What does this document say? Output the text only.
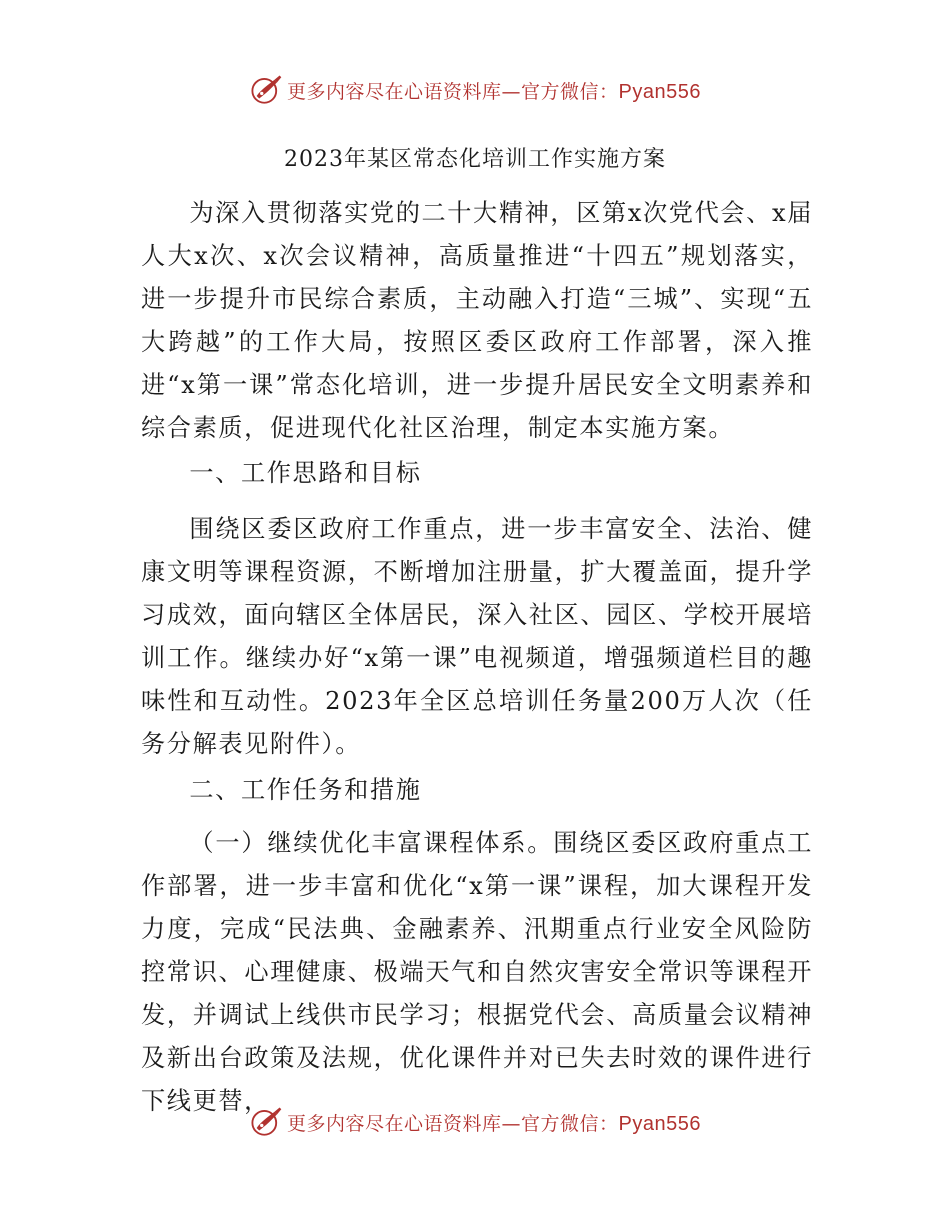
更多内容尽在心语资料库—官方微信：Pyan556
2023年某区常态化培训工作实施方案

为深入贯彻落实党的二十大精神，区第x次党代会、x届人大x次、x次会议精神，高质量推进“十四五”规划落实，进一步提升市民综合素质，主动融入打造“三城”、实现“五大跨越”的工作大局，按照区委区政府工作部署，深入推进“x第一课”常态化培训，进一步提升居民安全文明素养和综合素质，促进现代化社区治理，制定本实施方案。

一、工作思路和目标

围绕区委区政府工作重点，进一步丰富安全、法治、健康文明等课程资源，不断增加注册量，扩大覆盖面，提升学习成效，面向辖区全体居民，深入社区、园区、学校开展培训工作。继续办好“x第一课”电视频道，增强频道栏目的趣味性和互动性。2023年全区总培训任务量200万人次（任务分解表见附件）。

二、工作任务和措施

（一）继续优化丰富课程体系。围绕区委区政府重点工作部署，进一步丰富和优化“x第一课”课程，加大课程开发力度，完成“民法典、金融素养、汛期重点行业安全风险防控常识、心理健康、极端天气和自然灾害安全常识等课程开发，并调试上线供市民学习；根据党代会、高质量会议精神及新出台政策及法规，优化课件并对已失去时效的课件进行下线更替，

更多内容尽在心语资料库—官方微信：Pyan556
